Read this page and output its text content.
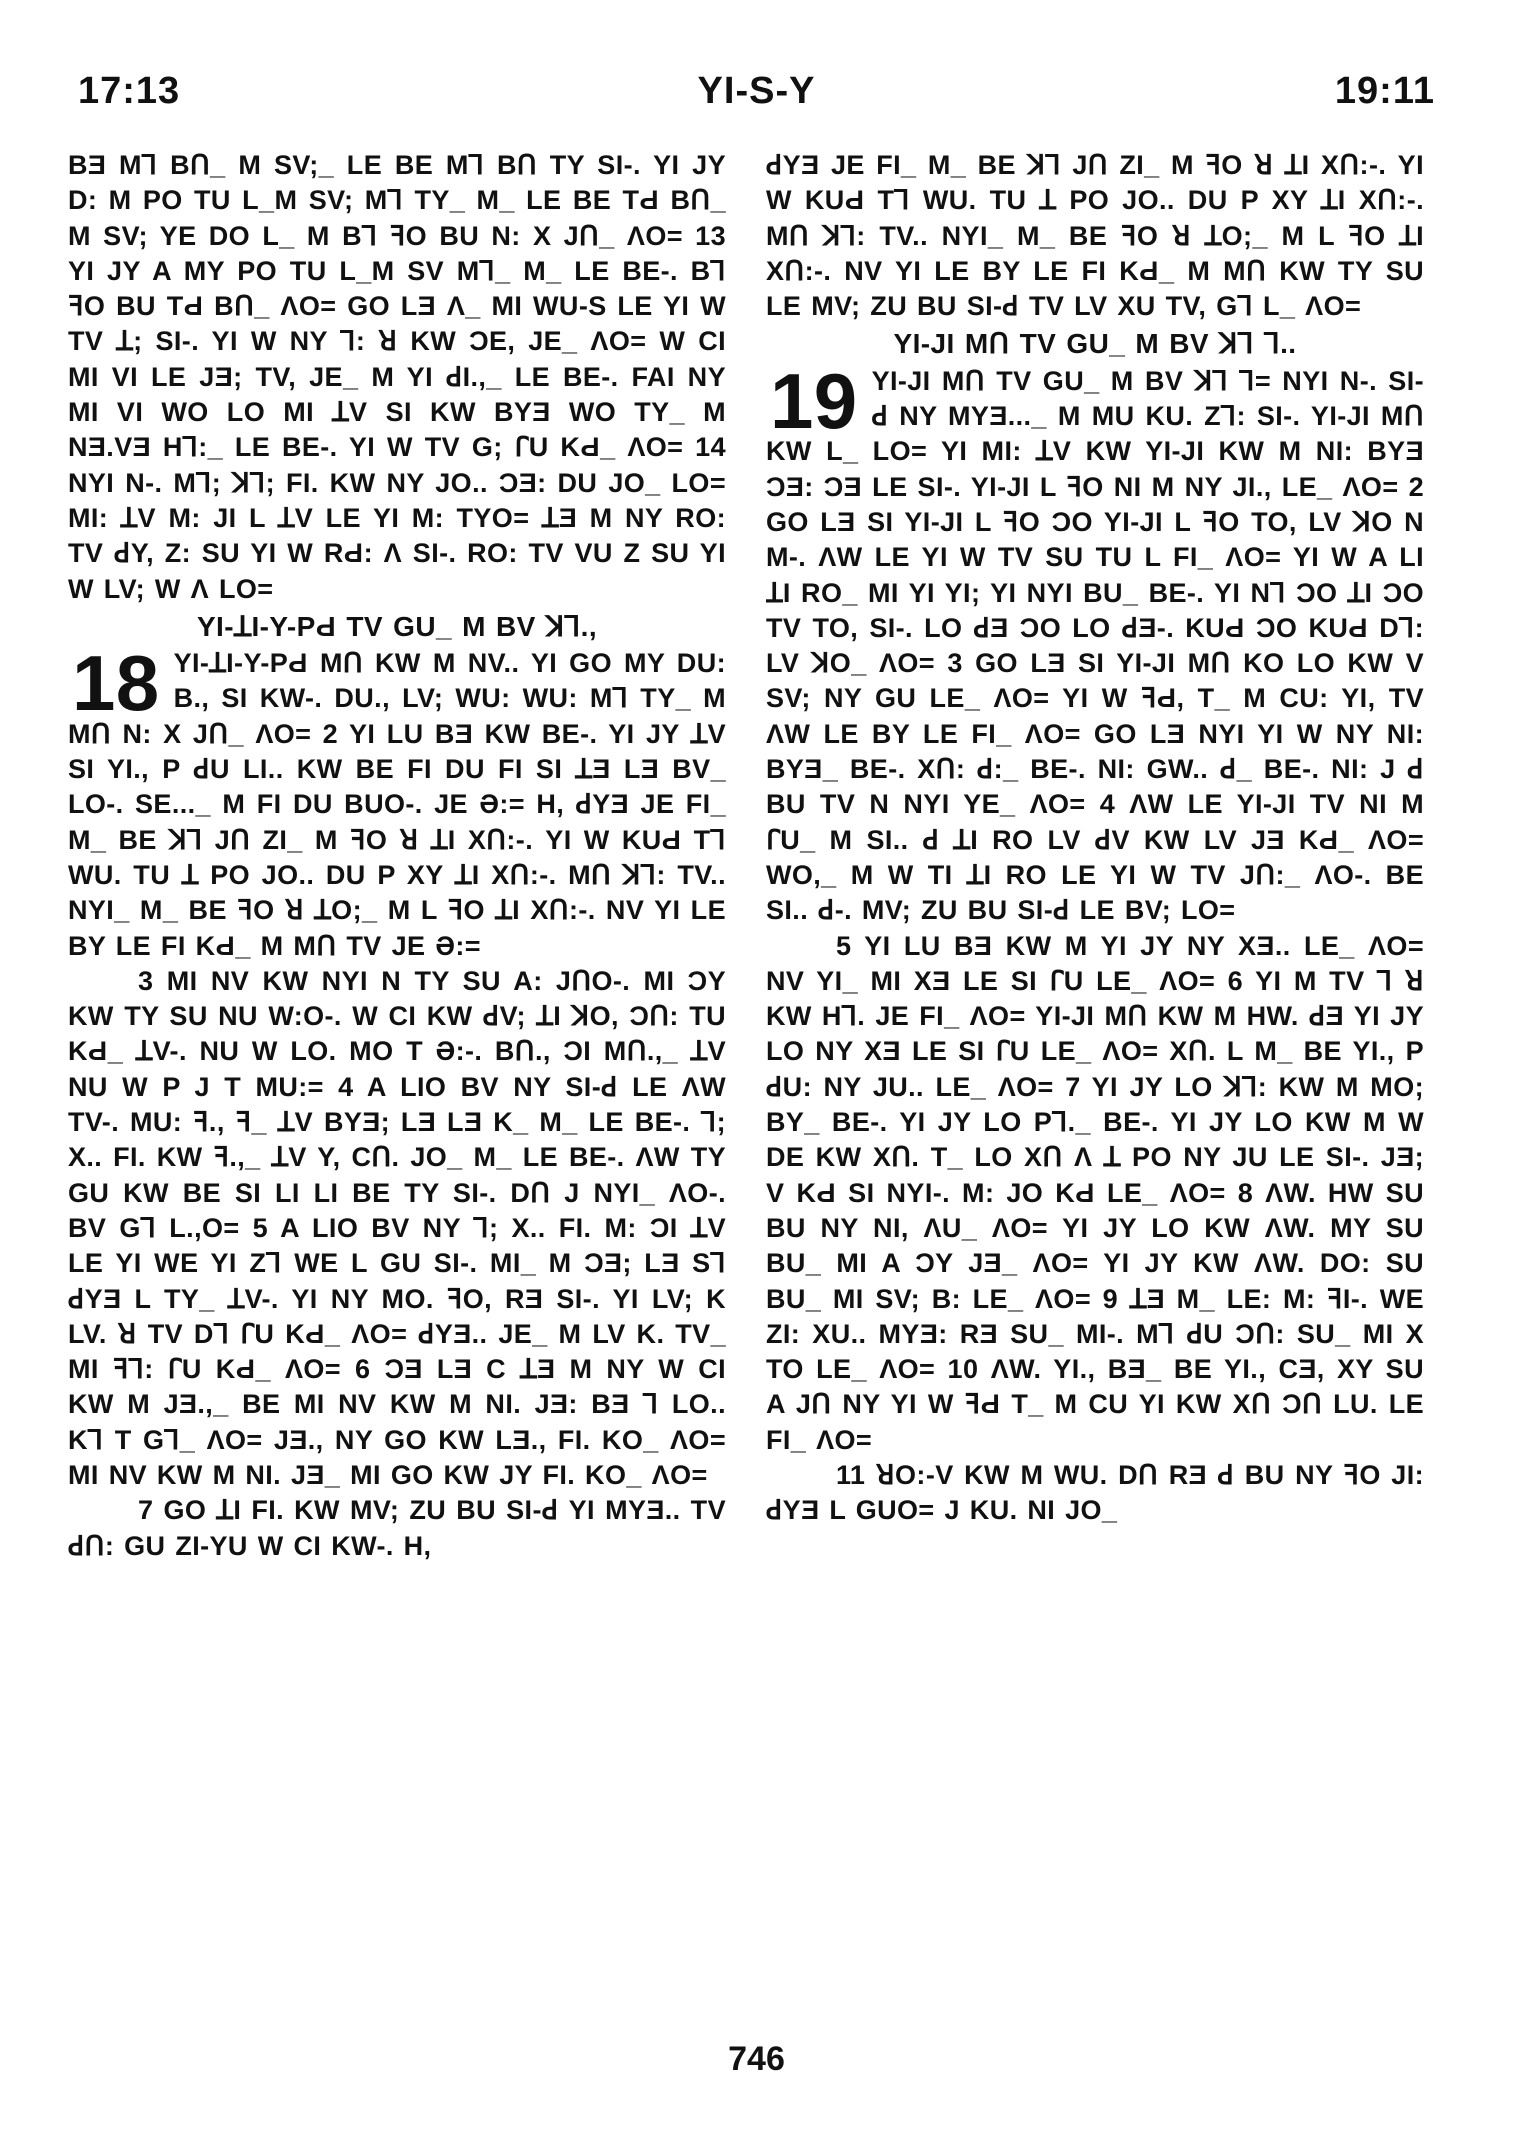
17:13	YI-S-Y	19:11

BƎ Mꓶ BՈ_ M SV;_ LE BE Mꓶ BՈ TY SI-. YI JY D: M PO TU L_M SV; Mꓶ TY_ M_ LE BE TԀ BՈ_ M SV; YE DO L_ M Bꓶ ꟻO BU N: X JՈ_ ΛO= 13 YI JY A MY PO TU L_M SV Mꓶ_ M_ LE BE-. Bꓶ ꟻO BU TԀ BՈ_ ΛO= GO LƎ Λ_ MI WU-S LE YI W TV ꓕ; SI-. YI W NY ꓶ: ꓤ KW ƆE, JE_ ΛO= W CI MI VI LE JƎ; TV, JE_ M YI ꓒI.,_ LE BE-. FAI NY MI VI WO LO MI ꓕV SI KW BYƎ WO TY_ M NƎ.VƎ Hꓶ:_ LE BE-. YI W TV G; ꓩU KԀ_ ΛO= 14 NYI N-. Mꓶ; ꓘꓶ; FI. KW NY JO.. ƆƎ: DU JO_ LO= MI: ꓕV M: JI L ꓕV LE YI M: TYO= ꓕƎ M NY RO: TV ꓒY, Z: SU YI W RԀ: Λ SI-. RO: TV VU Z SU YI W LV; W Λ LO=

YI-ꓕI-Y-PԀ TV GU_ M BV ꓘꓶ.,
18 YI-ꓕI-Y-PԀ MՈ KW M NV.. YI GO MY DU: B., SI KW-. DU., LV; WU: WU: Mꓶ TY_ M MՈ N: X JՈ_ ΛO= 2 YI LU BƎ KW BE-. YI JY ꓕV SI YI., P ꓒU LI.. KW BE FI DU FI SI ꓕƎ LƎ BV_ LO-. SE..._ M FI DU BUO-. JE Ә:= H, ꓒYƎ JE FI_ M_ BE ꓘꓶ JՈ ZI_ M ꟻO ꓤ ꓕI XՈ:-. YI W KUԀ Tꓶ WU. TU ꓕ PO JO.. DU P XY ꓕI XՈ:-. MՈ ꓘꓶ: TV.. NYI_ M_ BE ꟻO ꓤ ꓕO;_ M L ꟻO ꓕI XՈ:-. NV YI LE BY LE FI KԀ_ M MՈ TV JE Ә:=

3 MI NV KW NYI N TY SU A: JՈO-. MI ƆY KW TY SU NU W:O-. W CI KW ꓒV; ꓕI ꓘO, ƆՈ: TU KԀ_ ꓕV-. NU W LO. MO T Ә:-. BՈ., ƆI MՈ.,_ ꓕV NU W P J T MU:= 4 A LIO BV NY SI-ꓒ LE ΛW TV-. MU: ꟻ., ꟻ_ ꓕV BYƎ; LƎ LƎ K_ M_ LE BE-. ꓶ; X.. FI. KW ꟻ.,_ ꓕV Y, CՈ. JO_ M_ LE BE-. ΛW TY GU KW BE SI LI LI BE TY SI-. DՈ J NYI_ ΛO-. BV Gꓶ L.,O= 5 A LIO BV NY ꓶ; X.. FI. M: ƆI ꓕV LE YI WE YI Zꓶ WE L GU SI-. MI_ M ƆƎ; LƎ Sꓶ ꓒYƎ L TY_ ꓕV-. YI NY MO. ꟻO, RƎ SI-. YI LV; K LV. ꓤ TV Dꓶ ꓩU KԀ_ ΛO= ꓒYƎ.. JE_ M LV K. TV_ MI ꟻꓶ: ꓩU KԀ_ ΛO= 6 ƆƎ LƎ C ꓕƎ M NY W CI KW M JƎ.,_ BE MI NV KW M NI. JƎ: BƎ ꓶ LO.. Kꓶ T Gꓶ_ ΛO= JƎ., NY GO KW LƎ., FI. KO_ ΛO= MI NV KW M NI. JƎ_ MI GO KW JY FI. KO_ ΛO=

7 GO ꓕI FI. KW MV; ZU BU SI-ꓒ YI MYƎ.. TV ꓒՈ: GU ZI-YU W CI KW-. H,

ꓒYƎ JE FI_ M_ BE ꓘꓶ JՈ ZI_ M ꟻO ꓤ ꓕI XՈ:-. YI W KUԀ Tꓶ WU. TU ꓕ PO JO.. DU P XY ꓕI XՈ:-. MՈ ꓘꓶ: TV.. NYI_ M_ BE ꟻO ꓤ ꓕO;_ M L ꟻO ꓕI XՈ:-. NV YI LE BY LE FI KԀ_ M MՈ KW TY SU LE MV; ZU BU SI-ꓒ TV LV XU TV, Gꓶ L_ ΛO=

YI-JI MՈ TV GU_ M BV ꓘꓶ ꓶ..
19 YI-JI MՈ TV GU_ M BV ꓘꓶ ꓶ= NYI N-. SI-ꓒ NY MYƎ..._ M MU KU. Zꓶ: SI-. YI-JI MՈ KW L_ LO= YI MI: ꓕV KW YI-JI KW M NI: BYƎ ƆƎ: ƆƎ LE SI-. YI-JI L ꟻO NI M NY JI., LE_ ΛO= 2 GO LƎ SI YI-JI L ꟻO ƆO YI-JI L ꟻO TO, LV ꓘO N M-. ΛW LE YI W TV SU TU L FI_ ΛO= YI W A LI ꓕI RO_ MI YI YI; YI NYI BU_ BE-. YI Nꓶ ƆO ꓕI ƆO TV TO, SI-. LO ꓒƎ ƆO LO ꓒƎ-. KUԀ ƆO KUԀ Dꓶ: LV ꓘO_ ΛO= 3 GO LƎ SI YI-JI MՈ KO LO KW V SV; NY GU LE_ ΛO= YI W ꟻԀ, T_ M CU: YI, TV ΛW LE BY LE FI_ ΛO= GO LƎ NYI YI W NY NI: BYƎ_ BE-. XՈ: ꓒ:_ BE-. NI: GW.. ꓒ_ BE-. NI: J ꓒ BU TV N NYI YE_ ΛO= 4 ΛW LE YI-JI TV NI M ꓩU_ M SI.. ꓒ ꓕI RO LV ꓒV KW LV JƎ KԀ_ ΛO= WO,_ M W TI ꓕI RO LE YI W TV JՈ:_ ΛO-. BE SI.. ꓒ-. MV; ZU BU SI-ꓒ LE BV; LO=

5 YI LU BƎ KW M YI JY NY XƎ.. LE_ ΛO= NV YI_ MI XƎ LE SI ꓩU LE_ ΛO= 6 YI M TV ꓶ ꓤ KW Hꓶ. JE FI_ ΛO= YI-JI MՈ KW M HW. ꓒƎ YI JY LO NY XƎ LE SI ꓩU LE_ ΛO= XՈ. L M_ BE YI., P ꓒU: NY JU.. LE_ ΛO= 7 YI JY LO ꓘꓶ: KW M MO; BY_ BE-. YI JY LO Pꓶ._ BE-. YI JY LO KW M W DE KW XՈ. T_ LO XՈ Λ ꓕ PO NY JU LE SI-. JƎ; V KԀ SI NYI-. M: JO KԀ LE_ ΛO= 8 ΛW. HW SU BU NY NI, ΛU_ ΛO= YI JY LO KW ΛW. MY SU BU_ MI A ƆY JƎ_ ΛO= YI JY KW ΛW. DO: SU BU_ MI SV; B: LE_ ΛO= 9 ꓕƎ M_ LE: M: ꟻI-. WE ZI: XU.. MYƎ: RƎ SU_ MI-. Mꓶ ꓒU ƆՈ: SU_ MI X TO LE_ ΛO= 10 ΛW. YI., BƎ_ BE YI., CƎ, XY SU A JՈ NY YI W ꟻԀ T_ M CU YI KW XՈ ƆՈ LU. LE FI_ ΛO=

11 ꓤO:-V KW M WU. DՈ RƎ ꓒ BU NY ꟻO JI: ꓒYƎ L GUO= J KU. NI JO_

746
